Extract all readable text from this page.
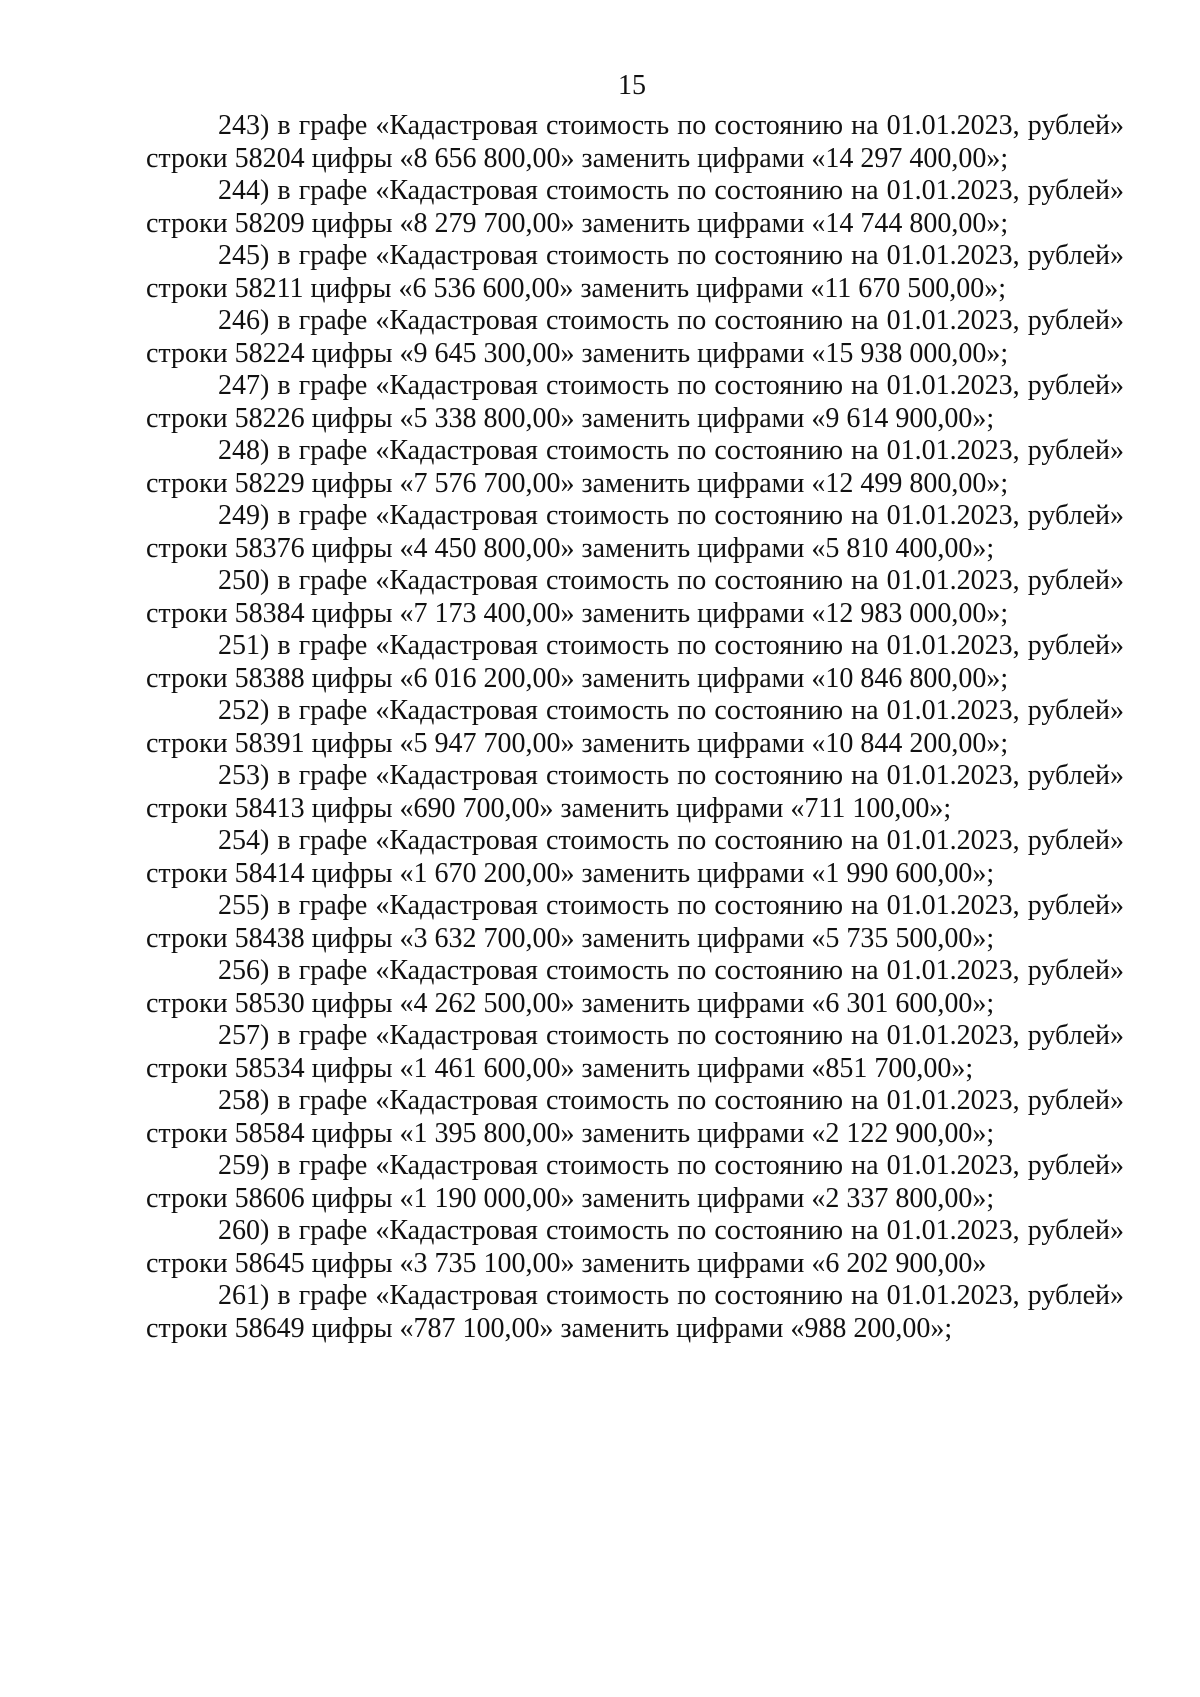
15

243) в графе «Кадастровая стоимость по состоянию на 01.01.2023, рублей» строки 58204 цифры «8 656 800,00» заменить цифрами «14 297 400,00»;

244) в графе «Кадастровая стоимость по состоянию на 01.01.2023, рублей» строки 58209 цифры «8 279 700,00» заменить цифрами «14 744 800,00»;

245) в графе «Кадастровая стоимость по состоянию на 01.01.2023, рублей» строки 58211 цифры «6 536 600,00» заменить цифрами «11 670 500,00»;

246) в графе «Кадастровая стоимость по состоянию на 01.01.2023, рублей» строки 58224 цифры «9 645 300,00» заменить цифрами «15 938 000,00»;

247) в графе «Кадастровая стоимость по состоянию на 01.01.2023, рублей» строки 58226 цифры «5 338 800,00» заменить цифрами «9 614 900,00»;

248) в графе «Кадастровая стоимость по состоянию на 01.01.2023, рублей» строки 58229 цифры «7 576 700,00» заменить цифрами «12 499 800,00»;

249) в графе «Кадастровая стоимость по состоянию на 01.01.2023, рублей» строки 58376 цифры «4 450 800,00» заменить цифрами «5 810 400,00»;

250) в графе «Кадастровая стоимость по состоянию на 01.01.2023, рублей» строки 58384 цифры «7 173 400,00» заменить цифрами «12 983 000,00»;

251) в графе «Кадастровая стоимость по состоянию на 01.01.2023, рублей» строки 58388 цифры «6 016 200,00» заменить цифрами «10 846 800,00»;

252) в графе «Кадастровая стоимость по состоянию на 01.01.2023, рублей» строки 58391 цифры «5 947 700,00» заменить цифрами «10 844 200,00»;

253) в графе «Кадастровая стоимость по состоянию на 01.01.2023, рублей» строки 58413 цифры «690 700,00» заменить цифрами «711 100,00»;

254) в графе «Кадастровая стоимость по состоянию на 01.01.2023, рублей» строки 58414 цифры «1 670 200,00» заменить цифрами «1 990 600,00»;

255) в графе «Кадастровая стоимость по состоянию на 01.01.2023, рублей» строки 58438 цифры «3 632 700,00» заменить цифрами «5 735 500,00»;

256) в графе «Кадастровая стоимость по состоянию на 01.01.2023, рублей» строки 58530 цифры «4 262 500,00» заменить цифрами «6 301 600,00»;

257) в графе «Кадастровая стоимость по состоянию на 01.01.2023, рублей» строки 58534 цифры «1 461 600,00» заменить цифрами «851 700,00»;

258) в графе «Кадастровая стоимость по состоянию на 01.01.2023, рублей» строки 58584 цифры «1 395 800,00» заменить цифрами «2 122 900,00»;

259) в графе «Кадастровая стоимость по состоянию на 01.01.2023, рублей» строки 58606 цифры «1 190 000,00» заменить цифрами «2 337 800,00»;

260) в графе «Кадастровая стоимость по состоянию на 01.01.2023, рублей» строки 58645 цифры «3 735 100,00» заменить цифрами «6 202 900,00»

261) в графе «Кадастровая стоимость по состоянию на 01.01.2023, рублей» строки 58649 цифры «787 100,00» заменить цифрами «988 200,00»;
